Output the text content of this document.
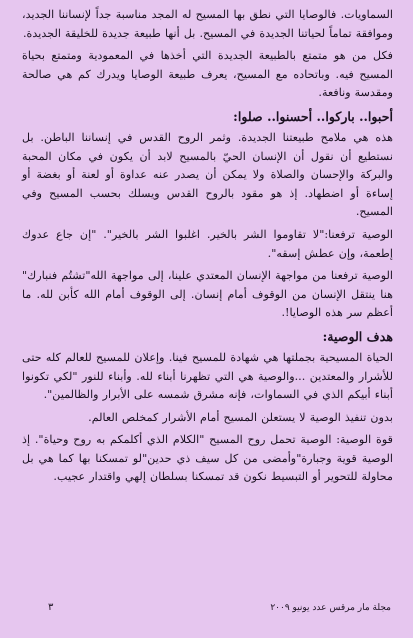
السماويات. فالوصايا التي نطق بها المسيح له المجد مناسبة جداً لإنساننا الجديد، وموافقة تماماً لحياتنا الجديدة في المسيح. بل أنها طبيعة جديدة للخليقة الجديدة.

فكل من هو متمتع بالطبيعة الجديدة التي أخذها في المعمودية ومتمتع بحياة المسيح فيه. وباتحاده مع المسيح، يعرف طبيعة الوصايا ويدرك كم هي صالحة ومقدسة ونافعة.

أحبوا.. باركوا.. أحسنوا.. صلوا:

هذه هي ملامح طبيعتنا الجديدة. وثمر الروح القدس في إنساننا الباطن. بل نستطيع أن نقول أن الإنسان الحيّ بالمسيح لابد أن يكون في مكان المحبة والبركة والإحسان والصلاة ولا يمكن أن يصدر عنه عداوة أو لعنة أو بغضة أو إساءة أو اضطهاد. إذ هو مقود بالروح القدس ويسلك بحسب المسيح وفي المسيح.

الوصية ترفعنا:"لا تقاوموا الشر بالخير. اغلبوا الشر بالخير". "إن جاع عدوك إطعمة، وإن عطش إسقه".

الوصية ترفعنا من مواجهة الإنسان المعتدي علينا، إلى مواجهة الله"تشتُم فنبارك" هنا ينتقل الإنسان من الوقوف أمام إنسان. إلى الوقوف أمام الله كأبن لله. ما أعظم سر هذه الوصايا!.

هدف الوصية:

الحياة المسيحية بجملتها هي شهادة للمسيح فينا. وإعلان للمسيح للعالم كله حتى للأشرار والمعتدين ...والوصية هي التي تظهرنا أبناء لله. وأبناء للنور "لكي تكونوا أبناء أبيكم الذي في السماوات، فإنه مشرق شمسه على الأبرار والظالمين".

بدون تنفيذ الوصية لا يستعلن المسيح أمام الأشرار كمخلص العالم.

قوة الوصية: الوصية تحمل روح المسيح "الكلام الذي أكلمكم به روح وحياة". إذ الوصية قوية وجبارة"وأمضى من كل سيف ذي حدين"لو تمسكنا بها كما هي بل محاولة للتحوير أو التبسيط نكون قد تمسكنا بسلطان إلهي واقتدار عجيب.

مجلة مار مرقس عدد يونيو ٢٠٠٩
٣
